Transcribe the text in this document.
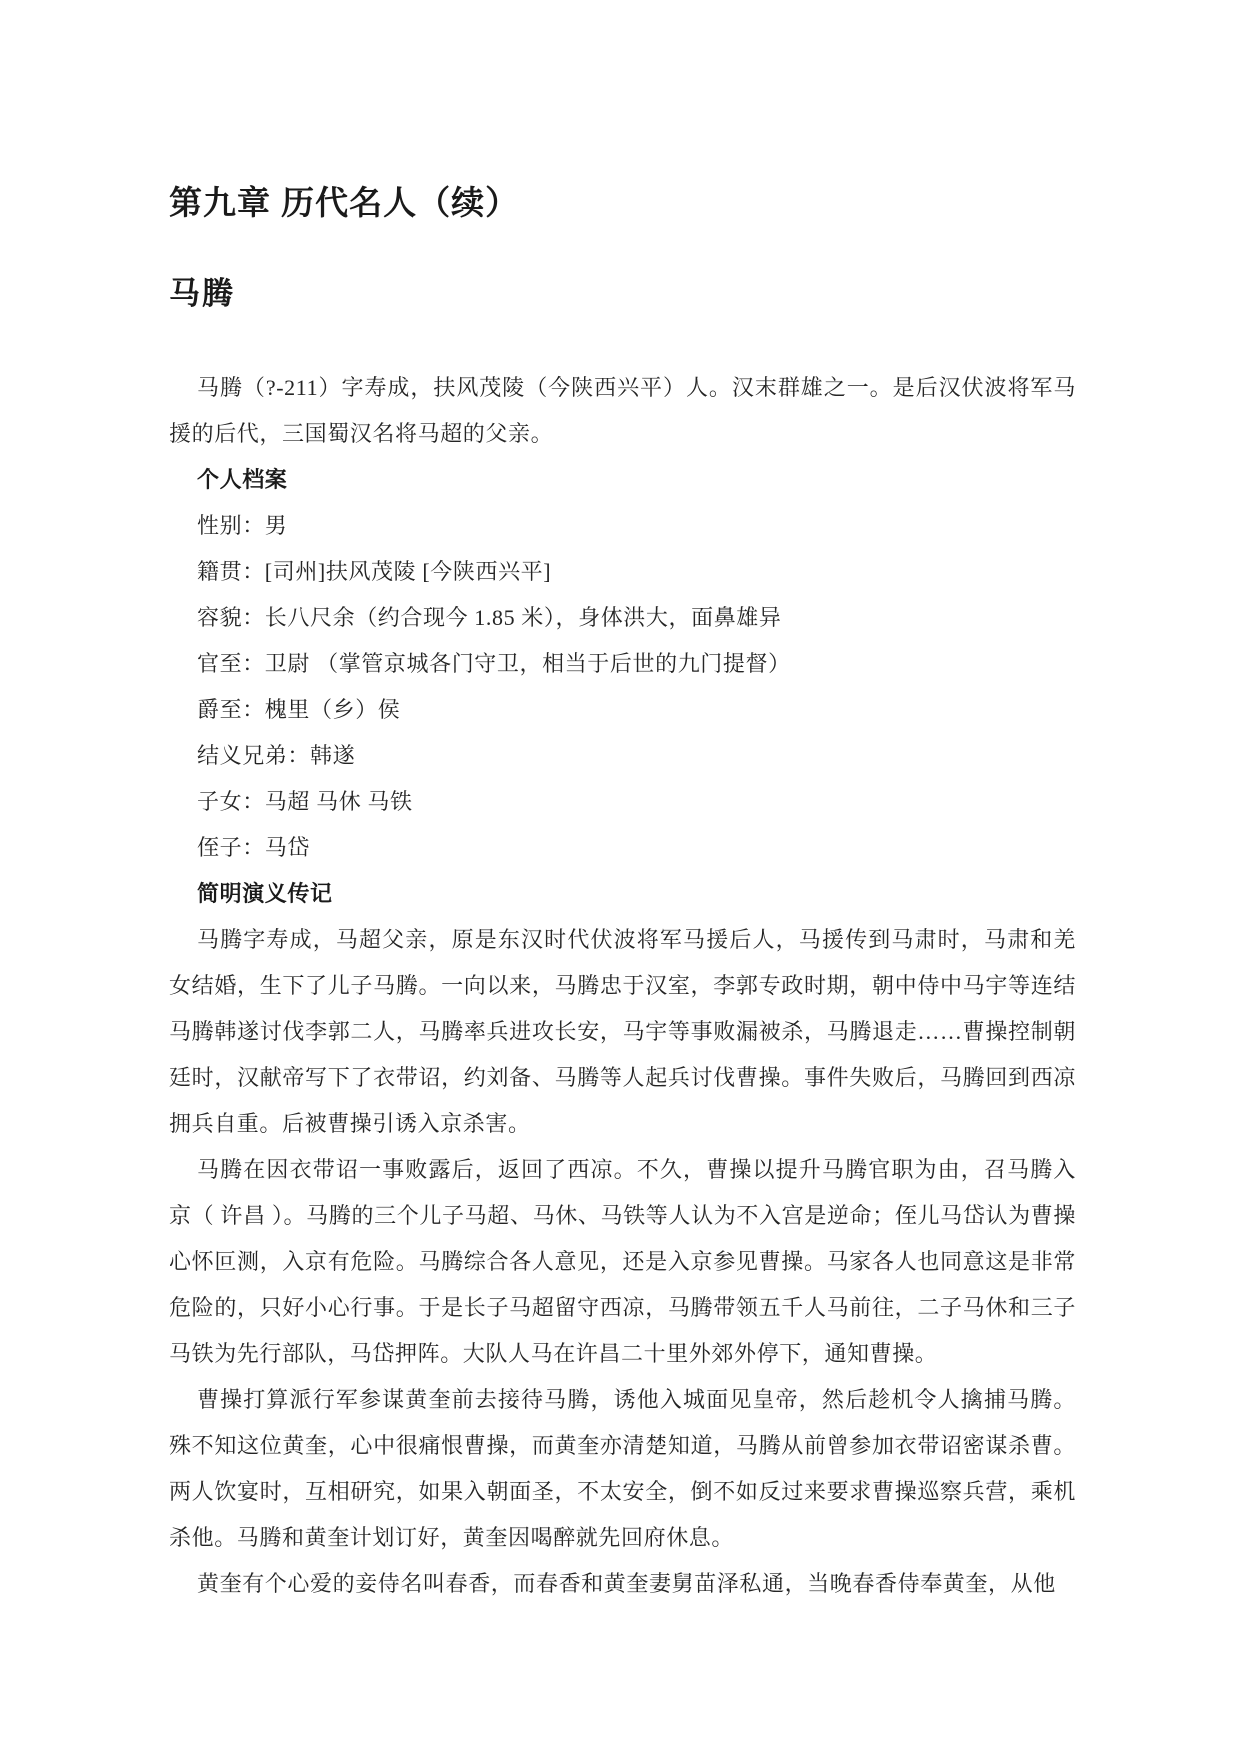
第九章 历代名人（续）
马腾

马腾（?-211）字寿成，扶风茂陵（今陕西兴平）人。汉末群雄之一。是后汉伏波将军马援的后代，三国蜀汉名将马超的父亲。

个人档案

性别：男

籍贯：[司州]扶风茂陵 [今陕西兴平]

容貌：长八尺余（约合现今 1.85 米），身体洪大，面鼻雄异

官至：卫尉 （掌管京城各门守卫，相当于后世的九门提督）

爵至：槐里（乡）侯

结义兄弟：韩遂

子女：马超 马休 马铁

侄子：马岱

简明演义传记

马腾字寿成，马超父亲，原是东汉时代伏波将军马援后人，马援传到马肃时，马肃和羌女结婚，生下了儿子马腾。一向以来，马腾忠于汉室，李郭专政时期，朝中侍中马宇等连结马腾韩遂讨伐李郭二人，马腾率兵进攻长安，马宇等事败漏被杀，马腾退走……曹操控制朝廷时，汉献帝写下了衣带诏，约刘备、马腾等人起兵讨伐曹操。事件失败后，马腾回到西凉拥兵自重。后被曹操引诱入京杀害。

马腾在因衣带诏一事败露后，返回了西凉。不久，曹操以提升马腾官职为由，召马腾入京（ 许昌 ）。马腾的三个儿子马超、马休、马铁等人认为不入宫是逆命；侄儿马岱认为曹操心怀叵测，入京有危险。马腾综合各人意见，还是入京参见曹操。马家各人也同意这是非常危险的，只好小心行事。于是长子马超留守西凉，马腾带领五千人马前往，二子马休和三子马铁为先行部队，马岱押阵。大队人马在许昌二十里外郊外停下，通知曹操。

曹操打算派行军参谋黄奎前去接待马腾，诱他入城面见皇帝，然后趁机令人擒捕马腾。殊不知这位黄奎，心中很痛恨曹操，而黄奎亦清楚知道，马腾从前曾参加衣带诏密谋杀曹。两人饮宴时，互相研究，如果入朝面圣，不太安全，倒不如反过来要求曹操巡察兵营，乘机杀他。马腾和黄奎计划订好，黄奎因喝醉就先回府休息。

黄奎有个心爱的妾侍名叫春香，而春香和黄奎妻舅苗泽私通，当晚春香侍奉黄奎，从他
